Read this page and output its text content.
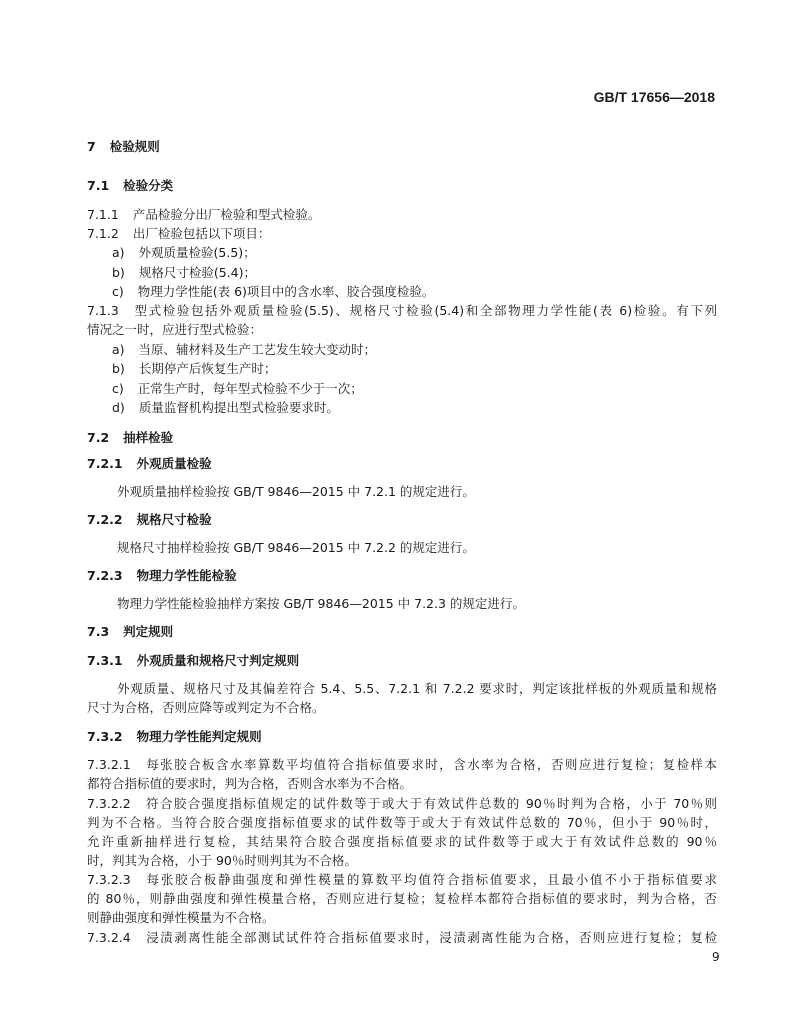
GB/T 17656—2018
7 检验规则
7.1 检验分类
7.1.1 产品检验分出厂检验和型式检验。
7.1.2 出厂检验包括以下项目：
a) 外观质量检验(5.5)；
b) 规格尺寸检验(5.4)；
c) 物理力学性能(表 6)项目中的含水率、胶合强度检验。
7.1.3 型式检验包括外观质量检验(5.5)、规格尺寸检验(5.4)和全部物理力学性能(表 6)检验。有下列
情况之一时，应进行型式检验：
a) 当原、辅材料及生产工艺发生较大变动时；
b) 长期停产后恢复生产时；
c) 正常生产时，每年型式检验不少于一次；
d) 质量监督机构提出型式检验要求时。
7.2 抽样检验
7.2.1 外观质量检验
外观质量抽样检验按 GB/T 9846—2015 中 7.2.1 的规定进行。
7.2.2 规格尺寸检验
规格尺寸抽样检验按 GB/T 9846—2015 中 7.2.2 的规定进行。
7.2.3 物理力学性能检验
物理力学性能检验抽样方案按 GB/T 9846—2015 中 7.2.3 的规定进行。
7.3 判定规则
7.3.1 外观质量和规格尺寸判定规则
外观质量、规格尺寸及其偏差符合 5.4、5.5、7.2.1 和 7.2.2 要求时，判定该批样板的外观质量和规格
尺寸为合格，否则应降等或判定为不合格。
7.3.2 物理力学性能判定规则
7.3.2.1 每张胶合板含水率算数平均值符合指标值要求时，含水率为合格，否则应进行复检；复检样本
都符合指标值的要求时，判为合格，否则含水率为不合格。
7.3.2.2 符合胶合强度指标值规定的试件数等于或大于有效试件总数的 90％时判为合格，小于 70％则
判为不合格。当符合胶合强度指标值要求的试件数等于或大于有效试件总数的 70％，但小于 90％时，
允许重新抽样进行复检，其结果符合胶合强度指标值要求的试件数等于或大于有效试件总数的 90％
时，判其为合格，小于 90％时则判其为不合格。
7.3.2.3 每张胶合板静曲强度和弹性模量的算数平均值符合指标值要求，且最小值不小于指标值要求
的 80％，则静曲强度和弹性模量合格，否则应进行复检；复检样本都符合指标值的要求时，判为合格，否
则静曲强度和弹性模量为不合格。
7.3.2.4 浸渍剥离性能全部测试试件符合指标值要求时，浸渍剥离性能为合格，否则应进行复检；复检
9
